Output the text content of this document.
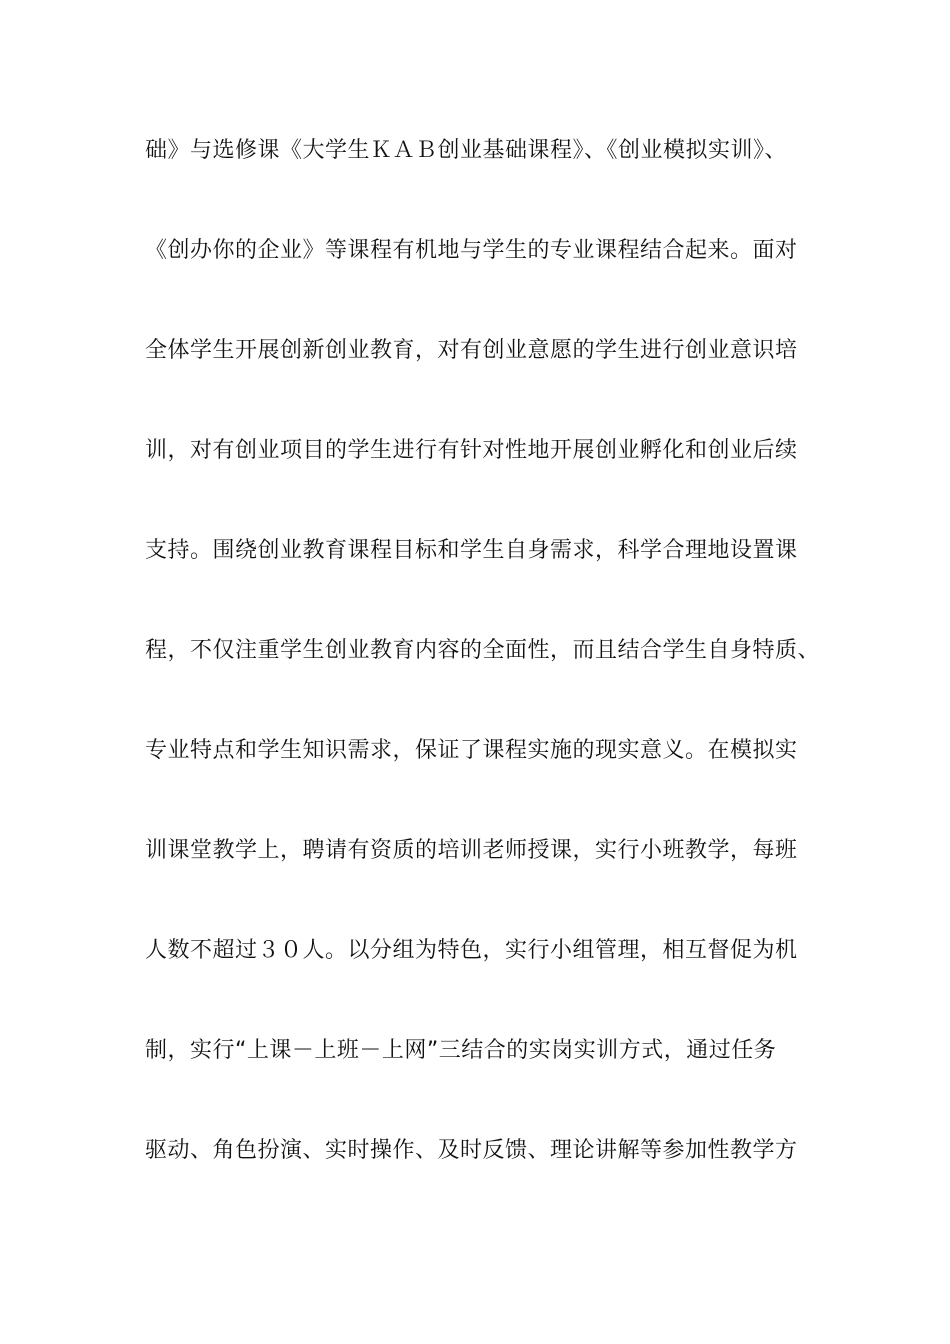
础》与选修课《大学生ＫＡＢ创业基础课程》、《创业模拟实训》、
《创办你的企业》等课程有机地与学生的专业课程结合起来。面对
全体学生开展创新创业教育，对有创业意愿的学生进行创业意识培
训，对有创业项目的学生进行有针对性地开展创业孵化和创业后续
支持。围绕创业教育课程目标和学生自身需求，科学合理地设置课
程，不仅注重学生创业教育内容的全面性，而且结合学生自身特质、
专业特点和学生知识需求，保证了课程实施的现实意义。在模拟实
训课堂教学上，聘请有资质的培训老师授课，实行小班教学，每班
人数不超过３０人。以分组为特色，实行小组管理，相互督促为机
制，实行“上课－上班－上网”三结合的实岗实训方式，通过任务
驱动、角色扮演、实时操作、及时反馈、理论讲解等参加性教学方
